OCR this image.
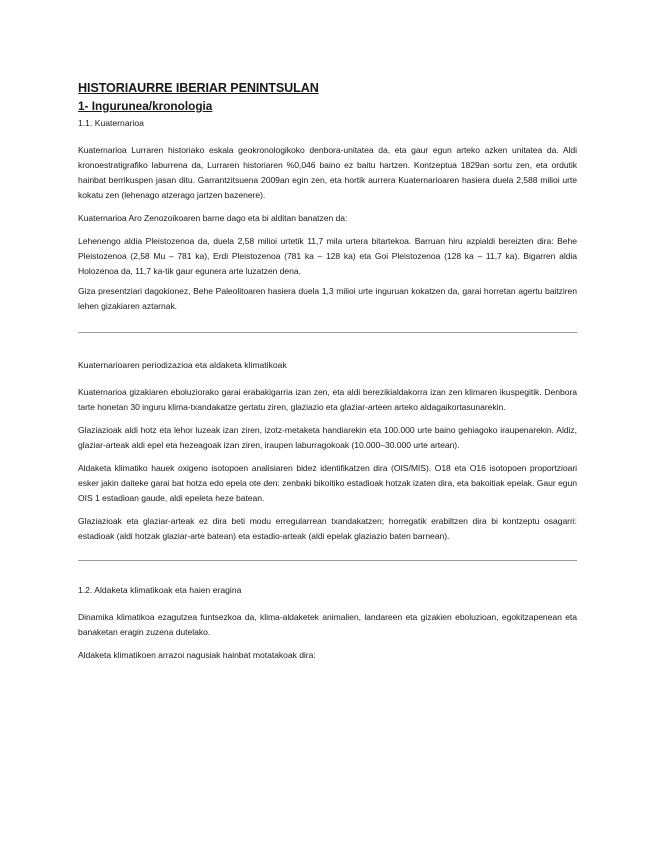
HISTORIAURRE IBERIAR PENINTSULAN
1- Ingurunea/kronologia
1.1. Kuaternarioa

Kuaternarioa Lurraren historiako eskala geokronologikoko denbora-unitatea da, eta gaur egun arteko azken unitatea da. Aldi kronoestratigrafiko laburrena da, Lurraren historiaren %0,046 baino ez baitu hartzen. Kontzeptua 1829an sortu zen, eta ordutik hainbat berrikuspen jasan ditu. Garrantzitsuena 2009an egin zen, eta hortik aurrera Kuaternarioaren hasiera duela 2,588 milioi urte kokatu zen (lehenago atzerago jartzen bazenere).

Kuaternarioa Aro Zenozoikoaren barne dago eta bi alditan banatzen da:

Lehenengo aldia Pleistozenoa da, duela 2,58 milioi urtetik 11,7 mila urtera bitartekoa. Barruan hiru azpialdi bereizten dira: Behe Pleistozenoa (2,58 Mu – 781 ka), Erdi Pleistozenoa (781 ka – 128 ka) eta Goi Pleistozenoa (128 ka – 11,7 ka). Bigarren aldia Holozenoa da, 11,7 ka-tik gaur egunera arte luzatzen dena.

Giza presentziari dagokionez, Behe Paleolitoaren hasiera duela 1,3 milioi urte inguruan kokatzen da, garai horretan agertu baitziren lehen gizakiaren aztarnak.

Kuaternarioaren periodizazioa eta aldaketa klimatikoak

Kuaternarioa gizakiaren eboluziorako garai erabakigarria izan zen, eta aldi berezikialdakorra izan zen klimaren ikuspegitik. Denbora tarte honetan 30 inguru klima-txandakatze gertatu ziren, glaziazio eta glaziar-arteen arteko aldagaikortasunarekin.

Glaziazioak aldi hotz eta lehor luzeak izan ziren, izotz-metaketa handiarekin eta 100.000 urte baino gehiagoko iraupenarekin. Aldiz, glaziar-arteak aldi epel eta hezeagoak izan ziren, iraupen laburragokoak (10.000–30.000 urte artean).

Aldaketa klimatiko hauek oxigeno isotopoen analisiaren bidez identifikatzen dira (OIS/MIS). O18 eta O16 isotopoen proportzioari esker jakin daiteke garai bat hotza edo epela ote den: zenbaki bikoitiko estadioak hotzak izaten dira, eta bakoitiak epelak. Gaur egun OIS 1 estadioan gaude, aldi epeleta heze batean.

Glaziazioak eta glaziar-arteak ez dira beti modu erregularrean txandakatzen; horregatik erabiltzen dira bi kontzeptu osagarri: estadioak (aldi hotzak glaziar-arte batean) eta estadio-arteak (aldi epelak glaziazio baten barnean).

1.2. Aldaketa klimatikoak eta haien eragina

Dinamika klimatikoa ezagutzea funtsezkoa da, klima-aldaketek animalien, landareen eta gizakien eboluzioan, egokitzapenean eta banaketan eragin zuzena dutelako.

Aldaketa klimatikoen arrazoi nagusiak hainbat motatakoak dira:
